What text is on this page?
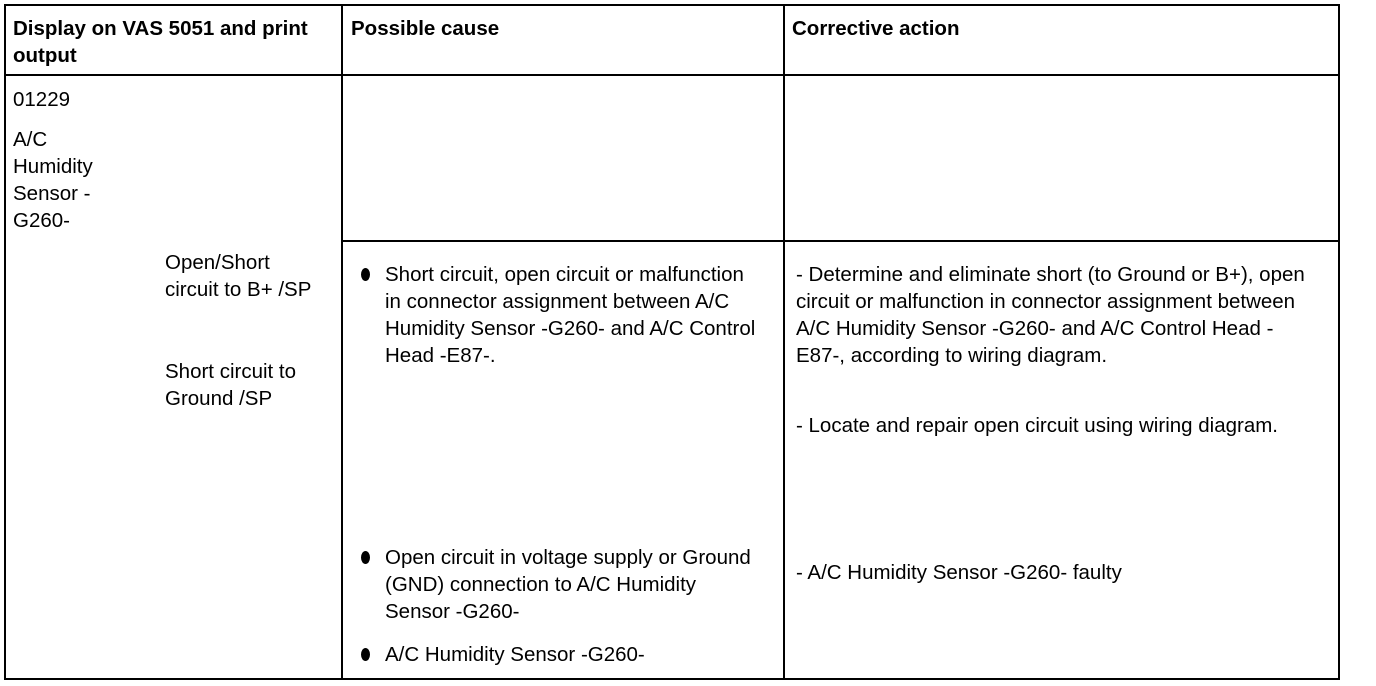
Display on VAS 5051 and print output
Possible cause	Corrective action
01229
A/C Humidity Sensor -G260-
Open/Short circuit to B+ /SP
Short circuit to Ground /SP
Short circuit, open circuit or malfunction in connector assignment between A/C Humidity Sensor -G260- and A/C Control Head -E87-.
Open circuit in voltage supply or Ground (GND) connection to A/C Humidity Sensor -G260-
A/C Humidity Sensor -G260-
- Determine and eliminate short (to Ground or B+), open circuit or malfunction in connector assignment between A/C Humidity Sensor -G260- and A/C Control Head -E87-, according to wiring diagram.
- Locate and repair open circuit using wiring diagram.
- A/C Humidity Sensor -G260- faulty
